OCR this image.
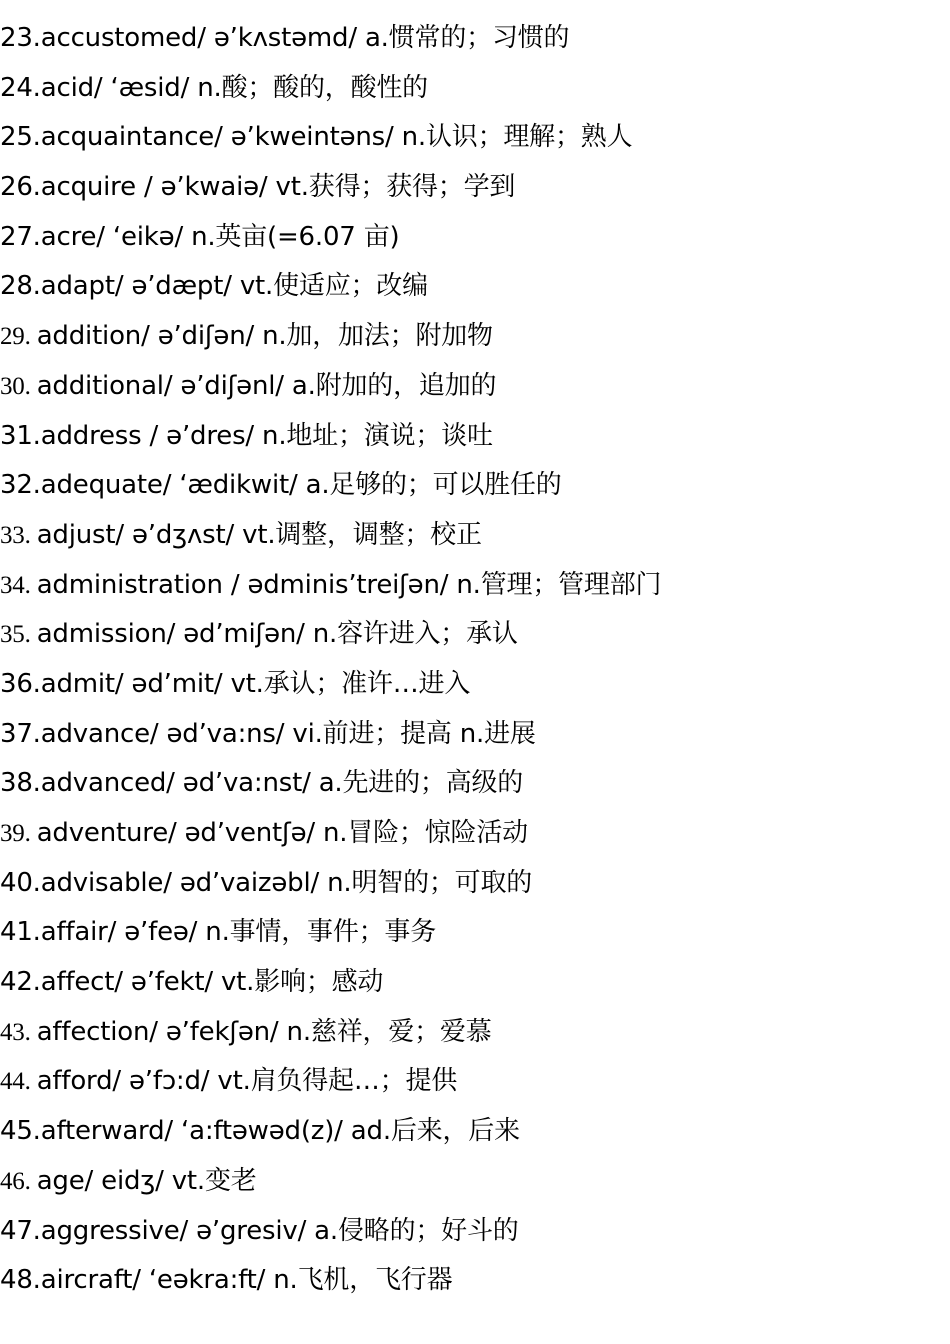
23.accustomed/ ə’kʌstəmd/ a.惯常的；习惯的
24.acid/ ‘æsid/ n.酸；酸的，酸性的
25.acquaintance/ ə’kweintəns/ n.认识；理解；熟人
26.acquire / ə’kwaiə/ vt.获得；获得；学到
27.acre/ ‘eikə/ n.英亩(=6.07 亩)
28.adapt/ ə’dæpt/ vt.使适应；改编
29. addition/ ə’diʃən/ n.加，加法；附加物
30. additional/ ə’diʃənl/ a.附加的，追加的
31.address / ə’dres/ n.地址；演说；谈吐
32.adequate/ ‘ædikwit/ a.足够的；可以胜任的
33. adjust/ ə’dʒʌst/ vt.调整，调整；校正
34. administration / ədminis’treiʃən/ n.管理；管理部门
35. admission/ əd’miʃən/ n.容许进入；承认
36.admit/ əd’mit/ vt.承认；准许…进入
37.advance/ əd’va:ns/ vi.前进；提高 n.进展
38.advanced/ əd’va:nst/ a.先进的；高级的
39. adventure/ əd’ventʃə/ n.冒险；惊险活动
40.advisable/ əd’vaizəbl/ n.明智的；可取的
41.affair/ ə’feə/ n.事情，事件；事务
42.affect/ ə’fekt/ vt.影响；感动
43. affection/ ə’fekʃən/ n.慈祥，爱；爱慕
44. afford/ ə’fɔ:d/ vt.肩负得起…；提供
45.afterward/ ‘a:ftəwəd(z)/ ad.后来，后来
46. age/ eidʒ/ vt.变老
47.aggressive/ ə’gresiv/ a.侵略的；好斗的
48.aircraft/ ‘eəkra:ft/ n.飞机，飞行器
